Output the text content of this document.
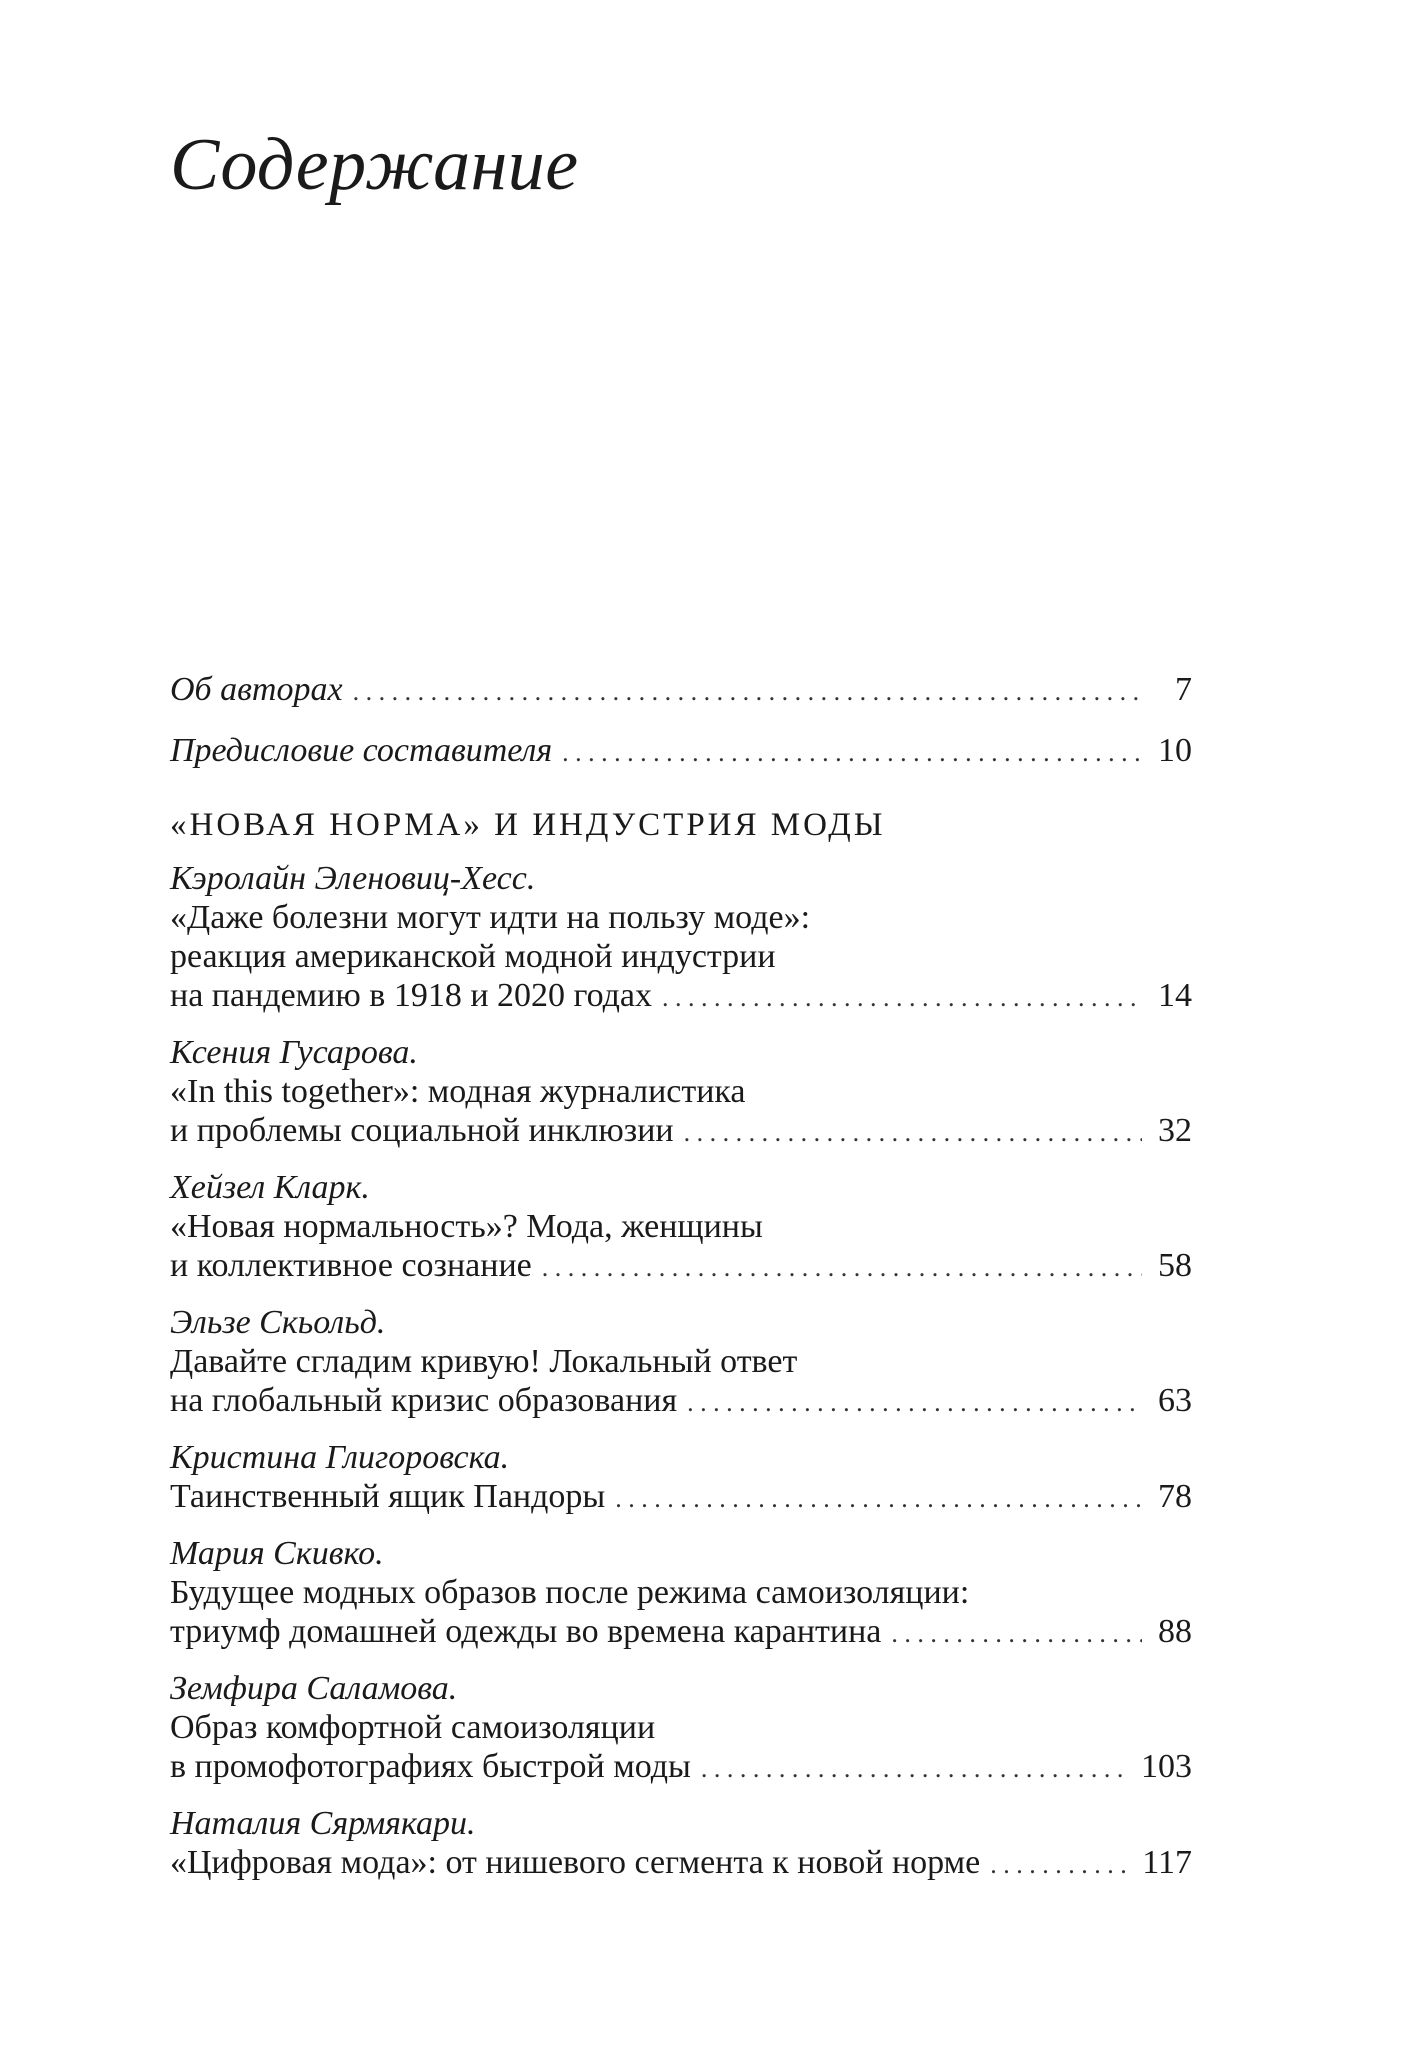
Содержание
Об авторах . . .	7
Предисловие составителя . . .	10
«НОВАЯ НОРМА» И ИНДУСТРИЯ МОДЫ
Кэролайн Эленовиц-Хесс.
«Даже болезни могут идти на пользу моде»:
реакция американской модной индустрии
на пандемию в 1918 и 2020 годах . . .	14
Ксения Гусарова.
«In this together»: модная журналистика
и проблемы социальной инклюзии . . .	32
Хейзел Кларк.
«Новая нормальность»? Мода, женщины
и коллективное сознание . . .	58
Эльзе Скьольд.
Давайте сгладим кривую! Локальный ответ
на глобальный кризис образования . . .	63
Кристина Глигоровска.
Таинственный ящик Пандоры . . .	78
Мария Скивко.
Будущее модных образов после режима самоизоляции:
триумф домашней одежды во времена карантина . . .	88
Земфира Саламова.
Образ комфортной самоизоляции
в промофотографиях быстрой моды . . .	103
Наталия Сярмякари.
«Цифровая мода»: от нишевого сегмента к новой норме . . .	117
